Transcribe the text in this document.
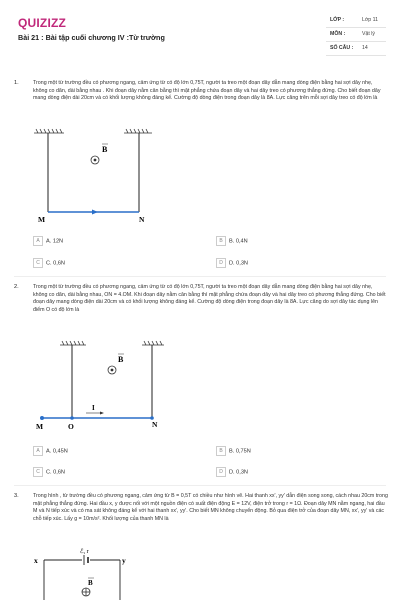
QUIZIZZ
Bài 21 : Bài tập cuối chương IV :Từ trường
LỚP :	Lớp 11
MÔN :	Vật lý
SỐ CÂU : 14
1.	Trong một từ trường đều có phương ngang, cảm ứng từ có độ lớn 0,75T, người ta treo một đoạn dây dẫn mang dòng điện bằng hai sợi dây nhẹ, không co dãn, dài bằng nhau . Khi đoạn dây nằm cân bằng thì mặt phẳng chứa đoạn dây và hai dây treo có phương thẳng đứng. Cho biết đoạn dây mang dòng điện dài 20cm và có khối lượng không đáng kể. Cường độ dòng điện trong đoạn dây là 8A. Lực căng trên mỗi sợi dây treo có độ lớn là
B
M	N
A A. 12N	B B. 0,4N
C C. 0,6N	D D. 0,3N
2.	Trong một từ trường đều có phương ngang, cảm ứng từ có độ lớn 0,75T, người ta treo một đoạn dây dẫn mang dòng điện bằng hai sợi dây nhẹ, không co dãn, dài bằng nhau, ON = 4.OM. Khi đoạn dây nằm cân bằng thì mặt phẳng chứa đoạn dây và hai dây treo có phương thẳng đứng. Cho biết đoạn dây mang dòng điện dài 20cm và có khối lượng không đáng kể. Cường độ dòng điện trong đoạn dây là 8A. Lực căng do sợi dây tác dụng lên điểm O có độ lớn là
I
B
M	O	N
A A. 0,45N	B B. 0,75N
C C. 0,6N	D D. 0,3N
3.	Trong hình , từ trường đều có phương ngang, cảm ứng từ B = 0,5T có chiều như hình vẽ. Hai thanh xx', yy' dẫn điện song song, cách nhau 20cm trong mặt phẳng thẳng đứng. Hai đầu x, y được nối với một nguồn điện có suất điện động E = 12V, điện trở trong r = 1Ω. Đoạn dây MN nằm ngang, hai đầu M và N tiếp xúc và có ma sát không đáng kể với hai thanh xx', yy'. Cho biết MN không chuyển động. Bỏ qua điện trở của đoạn dây MN, xx', yy' và các chỗ tiếp xúc. Lấy g = 10m/s². Khối lượng của thanh MN là
x	y
ℰ, r
B
